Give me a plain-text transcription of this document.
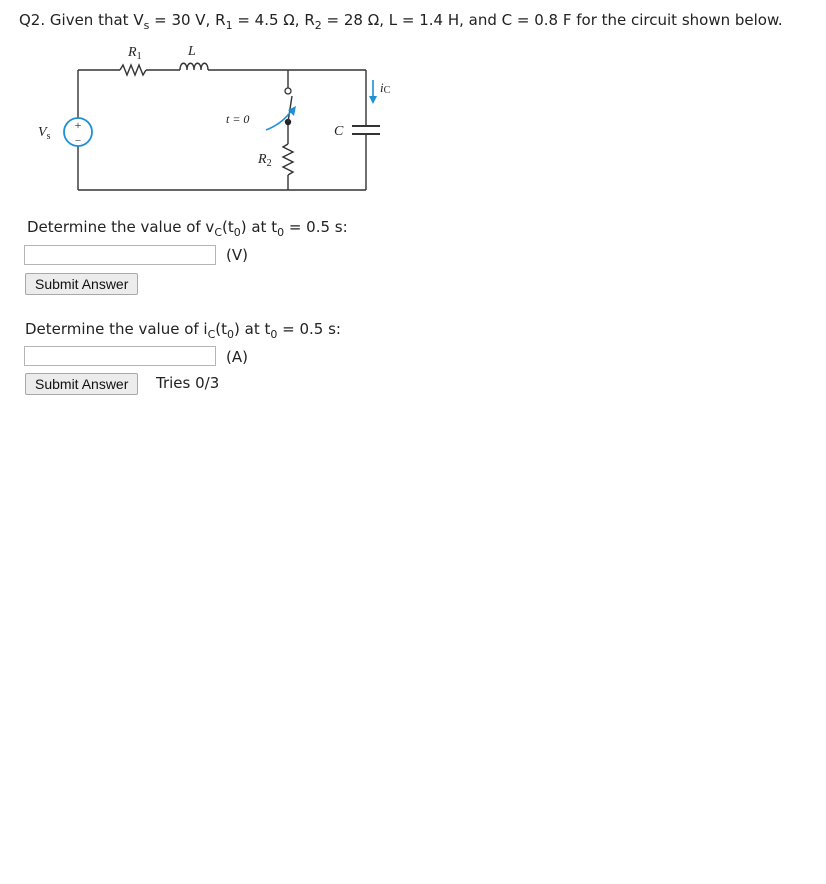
Q2. Given that $V_s = 30$ V, $R_1 = 4.5$ Ω, $R_2 = 28$ Ω, L = 1.4 H, and C = 0.8 F for the circuit shown below.
+
−
$R_1$	L
$V_s$
t = 0
$R_2$
C
iC
Determine the value of $v_C(t_0)$ at $t_0 = 0.5$ s:
(V)
Submit Answer
Determine the value of $i_C(t_0)$ at $t_0 = 0.5$ s:
(A)
Submit Answer	Tries 0/3
